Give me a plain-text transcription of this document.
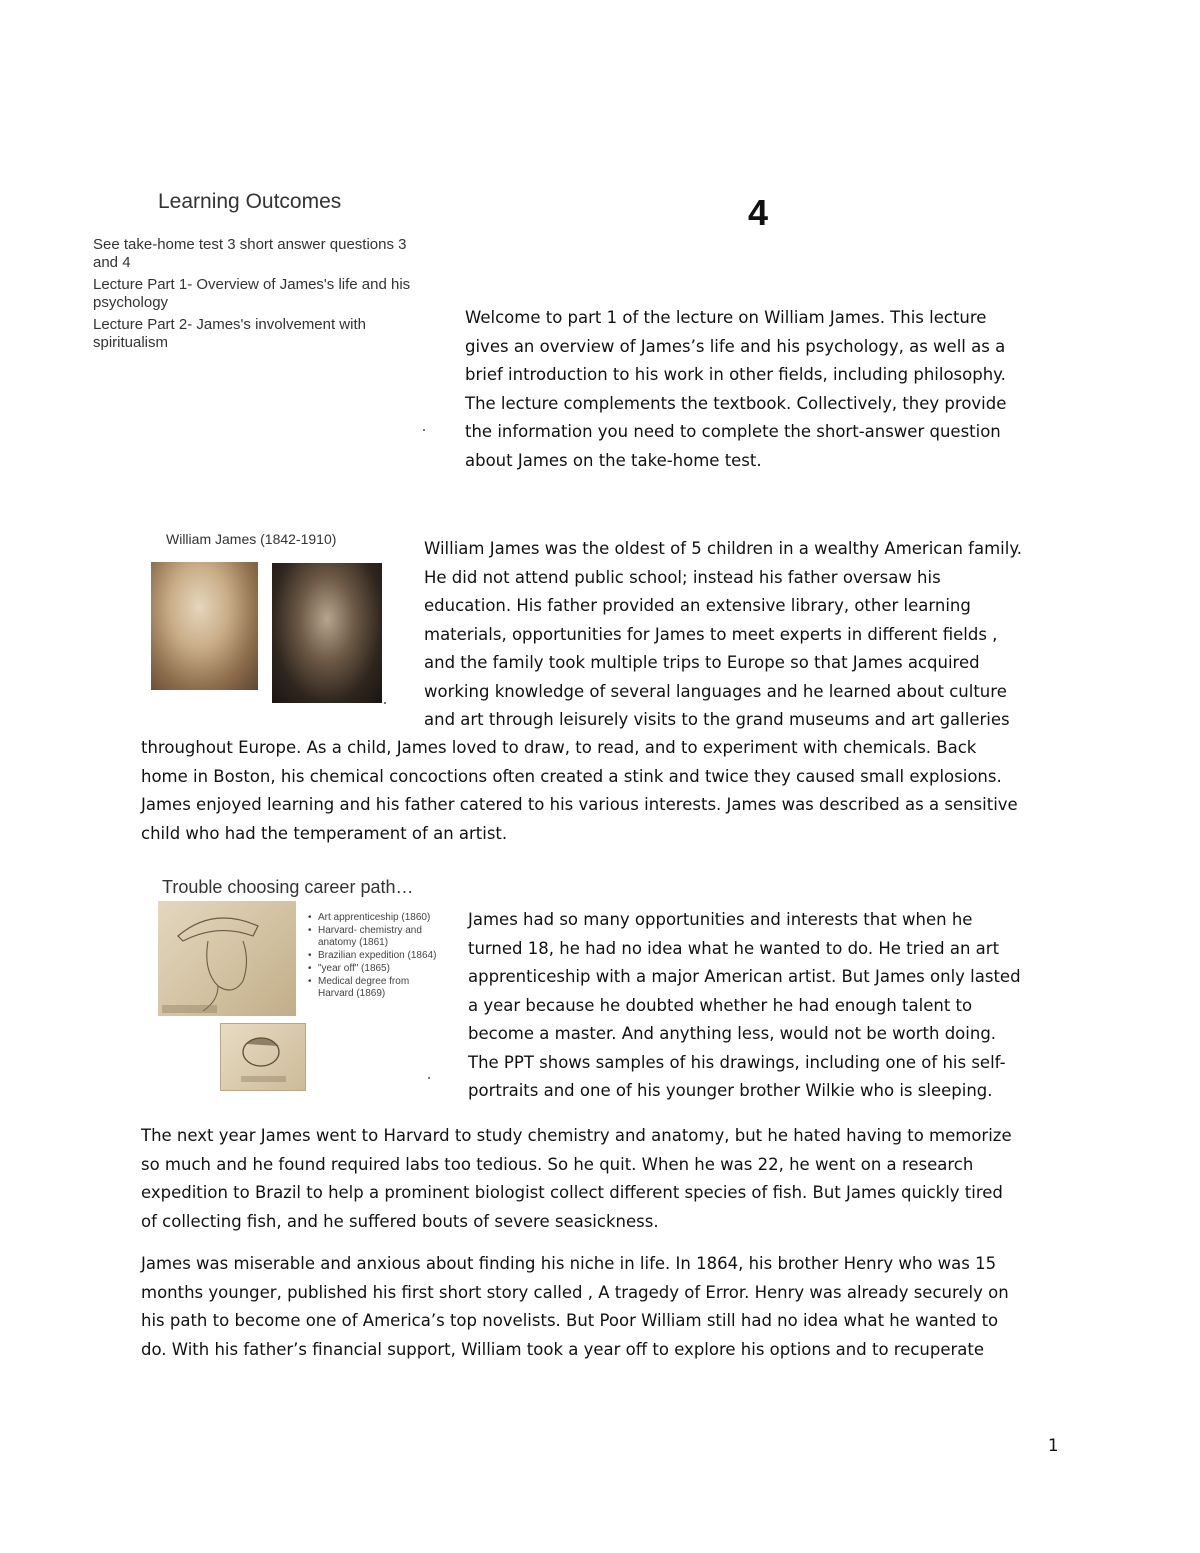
Learning Outcomes
See take-home test 3 short answer questions 3 and 4
Lecture Part 1- Overview of James's life and his psychology
Lecture Part 2- James's involvement with spiritualism
4
Welcome to part 1 of the lecture on William James. This lecture
gives an overview of James’s life and his psychology, as well as a
brief introduction to his work in other fields, including philosophy.
The lecture complements the textbook. Collectively, they provide
the information you need to complete the short-answer question
about James on the take-home test.
William James (1842-1910)	William James was the oldest of 5 children in a wealthy American family.
He did not attend public school; instead his father oversaw his
education. His father provided an extensive library, other learning
materials, opportunities for James to meet experts in different fields ,
and the family took multiple trips to Europe so that James acquired
working knowledge of several languages and he learned about culture
and art through leisurely visits to the grand museums and art galleries
throughout Europe. As a child, James loved to draw, to read, and to experiment with chemicals. Back
home in Boston, his chemical concoctions often created a stink and twice they caused small explosions.
James enjoyed learning and his father catered to his various interests. James was described as a sensitive
child who had the temperament of an artist.
Trouble choosing career path…
• Art apprenticeship (1860)
• Harvard- chemistry and anatomy (1861)
• Brazilian expedition (1864)
• "year off" (1865)
• Medical degree from Harvard (1869)
James had so many opportunities and interests that when he
turned 18, he had no idea what he wanted to do. He tried an art
apprenticeship with a major American artist. But James only lasted
a year because he doubted whether he had enough talent to
become a master. And anything less, would not be worth doing.
The PPT shows samples of his drawings, including one of his self-
portraits and one of his younger brother Wilkie who is sleeping.
The next year James went to Harvard to study chemistry and anatomy, but he hated having to memorize
so much and he found required labs too tedious. So he quit. When he was 22, he went on a research
expedition to Brazil to help a prominent biologist collect different species of fish. But James quickly tired
of collecting fish, and he suffered bouts of severe seasickness.
James was miserable and anxious about finding his niche in life. In 1864, his brother Henry who was 15
months younger, published his first short story called , A tragedy of Error. Henry was already securely on
his path to become one of America’s top novelists. But Poor William still had no idea what he wanted to
do. With his father’s financial support, William took a year off to explore his options and to recuperate
1
